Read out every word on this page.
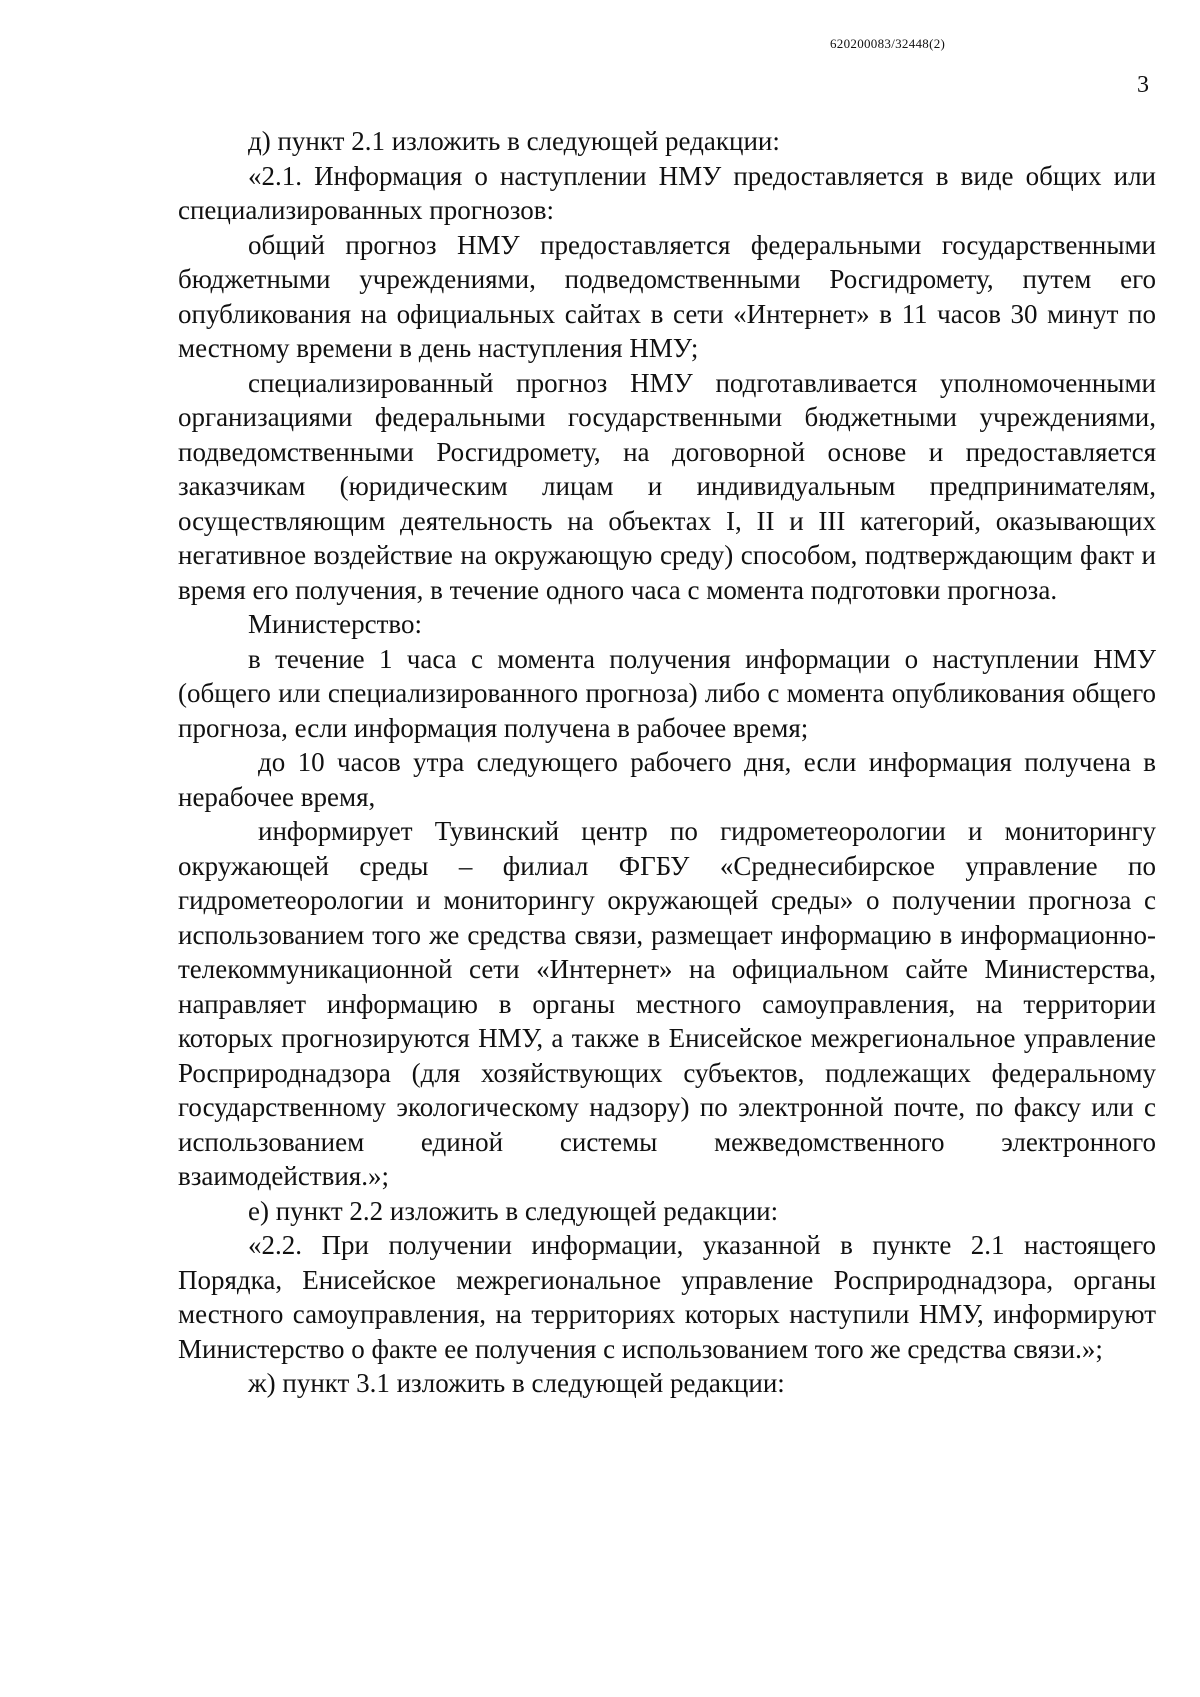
620200083/32448(2)
3

д) пункт 2.1 изложить в следующей редакции:

«2.1. Информация о наступлении НМУ предоставляется в виде общих или специализированных прогнозов:

общий прогноз НМУ предоставляется федеральными государственными бюджетными учреждениями, подведомственными Росгидромету, путем его опубликования на официальных сайтах в сети «Интернет» в 11 часов 30 минут по местному времени в день наступления НМУ;

специализированный прогноз НМУ подготавливается уполномоченными организациями федеральными государственными бюджетными учреждениями, подведомственными Росгидромету, на договорной основе и предоставляется заказчикам (юридическим лицам и индивидуальным предпринимателям, осуществляющим деятельность на объектах I, II и III категорий, оказывающих негативное воздействие на окружающую среду) способом, подтверждающим факт и время его получения, в течение одного часа с момента подготовки прогноза.

Министерство:

в течение 1 часа с момента получения информации о наступлении НМУ (общего или специализированного прогноза) либо с момента опубликования общего прогноза, если информация получена в рабочее время;

до 10 часов утра следующего рабочего дня, если информация получена в нерабочее время,

информирует Тувинский центр по гидрометеорологии и мониторингу окружающей среды – филиал ФГБУ «Среднесибирское управление по гидрометеорологии и мониторингу окружающей среды» о получении прогноза с использованием того же средства связи, размещает информацию в информационно-телекоммуникационной сети «Интернет» на официальном сайте Министерства, направляет информацию в органы местного самоуправления, на территории которых прогнозируются НМУ, а также в Енисейское межрегиональное управление Росприроднадзора (для хозяйствующих субъектов, подлежащих федеральному государственному экологическому надзору) по электронной почте, по факсу или с использованием единой системы межведомственного электронного взаимодействия.»;

е) пункт 2.2 изложить в следующей редакции:

«2.2. При получении информации, указанной в пункте 2.1 настоящего Порядка, Енисейское межрегиональное управление Росприроднадзора, органы местного самоуправления, на территориях которых наступили НМУ, информируют Министерство о факте ее получения с использованием того же средства связи.»;

ж) пункт 3.1 изложить в следующей редакции:
